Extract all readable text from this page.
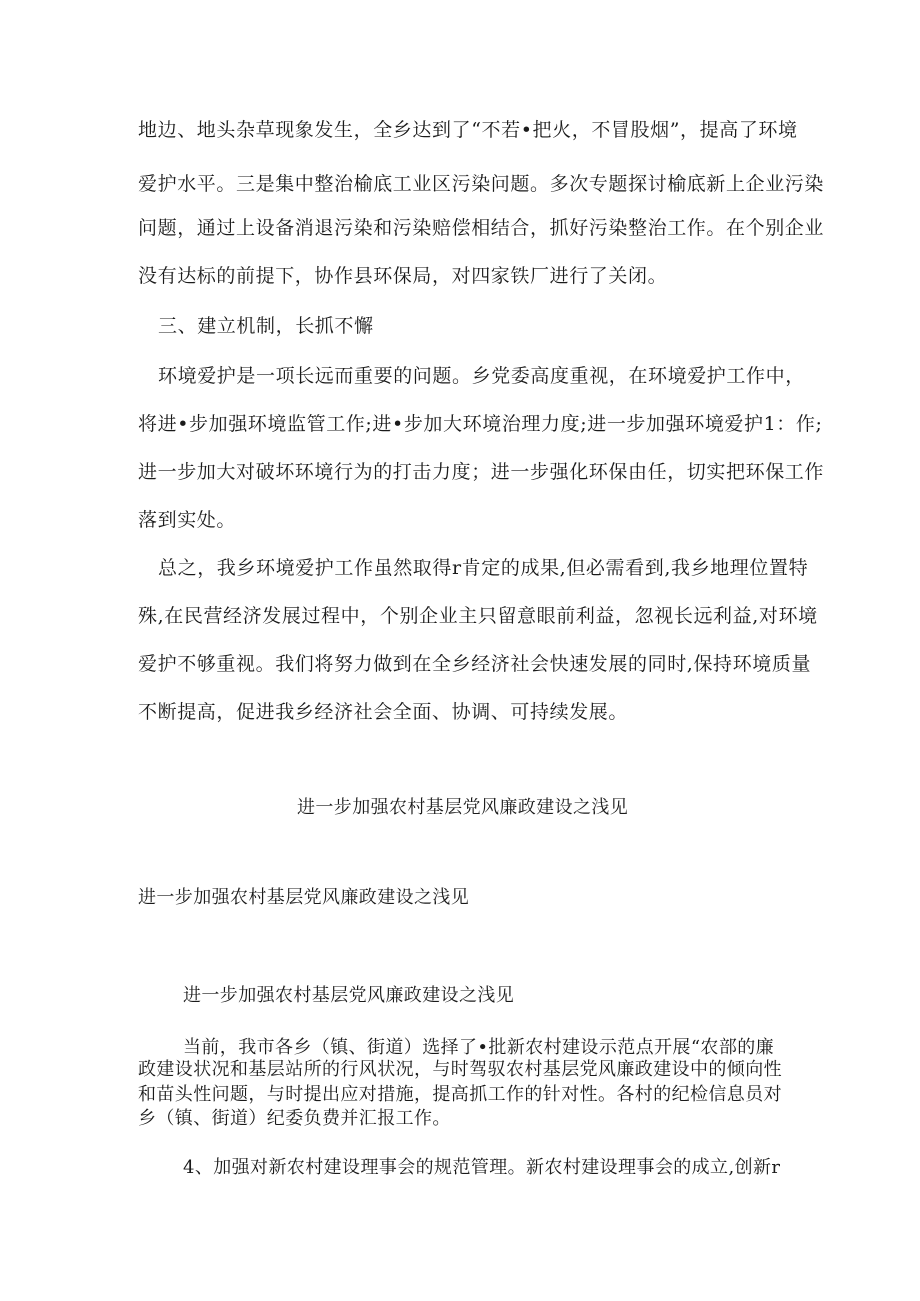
地边、地头杂草现象发生，全乡达到了“不若•把火，不冒股烟”，提高了环境
爱护水平。三是集中整治榆底工业区污染问题。多次专题探讨榆底新上企业污染
问题，通过上设备消退污染和污染赔偿相结合，抓好污染整治工作。在个别企业
没有达标的前提下，协作县环保局，对四家铁厂进行了关闭。
三、建立机制，长抓不懈
环境爱护是一项长远而重要的问题。乡党委高度重视，在环境爱护工作中，
将进•步加强环境监管工作;进•步加大环境治理力度;进一步加强环境爱护1：作;
进一步加大对破坏环境行为的打击力度；进一步强化环保由任，切实把环保工作
落到实处。
总之，我乡环境爱护工作虽然取得r肯定的成果,但必需看到,我乡地理位置特
殊,在民营经济发展过程中，个别企业主只留意眼前利益，忽视长远利益,对环境
爱护不够重视。我们将努力做到在全乡经济社会快速发展的同时,保持环境质量
不断提高，促进我乡经济社会全面、协调、可持续发展。
进一步加强农村基层党风廉政建设之浅见
进一步加强农村基层党风廉政建设之浅见
进一步加强农村基层党风廉政建设之浅见
当前，我市各乡（镇、街道）选择了•批新农村建设示范点开展“农部的廉
政建设状况和基层站所的行风状况，与时驾驭农村基层党风廉政建设中的倾向性
和苗头性问题，与时提出应对措施，提高抓工作的针对性。各村的纪检信息员对
乡（镇、街道）纪委负费并汇报工作。
4、加强对新农村建设理事会的规范管理。新农村建设理事会的成立,创新r
